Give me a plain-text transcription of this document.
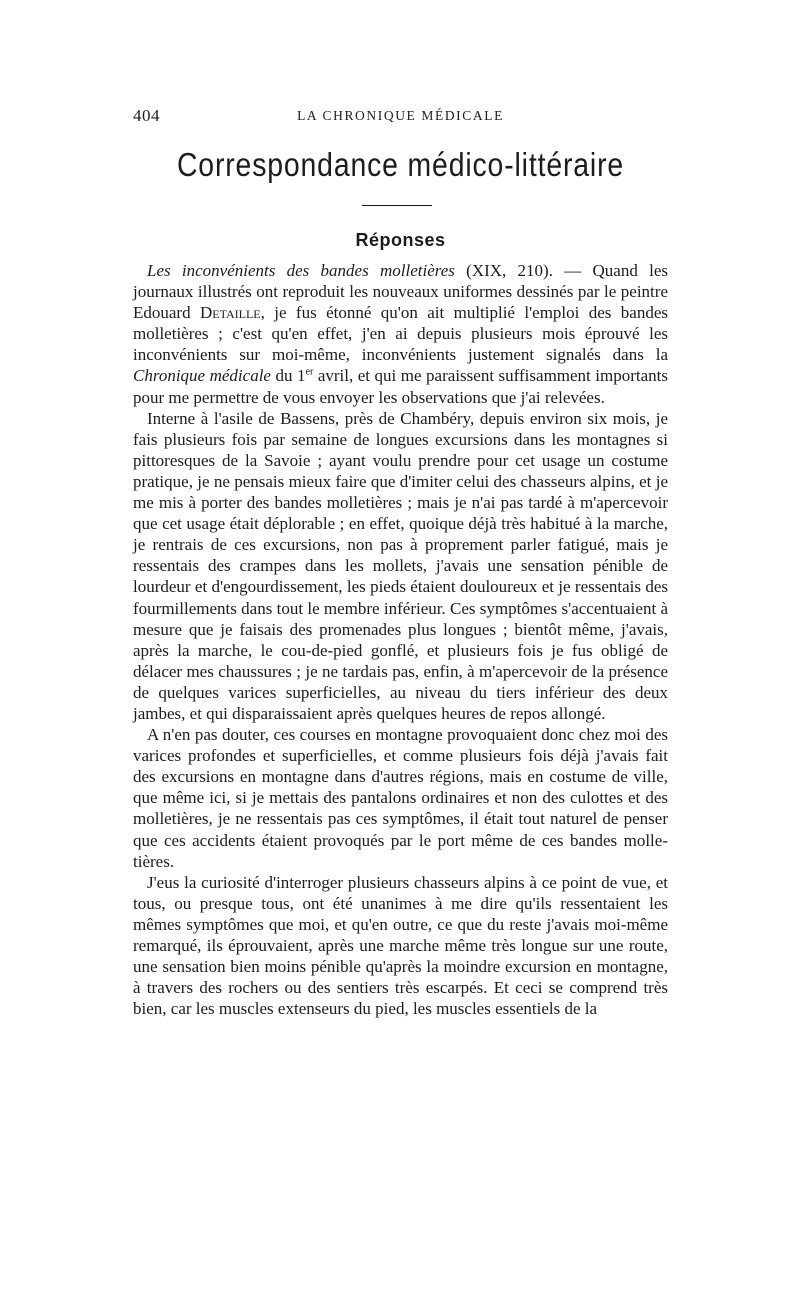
404	LA CHRONIQUE MÉDICALE
Correspondance médico-littéraire
Réponses

Les inconvénients des bandes molletières (XIX, 210). — Quand les journaux illustrés ont reproduit les nouveaux uniformes dessinés par le peintre Edouard Detaille, je fus étonné qu'on ait multiplié l'emploi des bandes molletières ; c'est qu'en effet, j'en ai depuis plusieurs mois éprouvé les inconvénients sur moi-même, inconvénients justement signalés dans la Chronique médicale du 1er avril, et qui me paraissent suffisamment importants pour me permettre de vous envoyer les observations que j'ai relevées.

Interne à l'asile de Bassens, près de Chambéry, depuis environ six mois, je fais plusieurs fois par semaine de longues excursions dans les montagnes si pittoresques de la Savoie ; ayant voulu prendre pour cet usage un costume pratique, je ne pensais mieux faire que d'imiter celui des chasseurs alpins, et je me mis à porter des bandes molletières ; mais je n'ai pas tardé à m'apercevoir que cet usage était déplorable ; en effet, quoique déjà très habitué à la marche, je rentrais de ces excursions, non pas à proprement parler fatigué, mais je ressentais des crampes dans les mollets, j'avais une sensation pénible de lourdeur et d'engourdissement, les pieds étaient douloureux et je ressentais des fourmillements dans tout le membre inférieur. Ces symptômes s'accentuaient à mesure que je faisais des promenades plus longues ; bientôt même, j'avais, après la marche, le cou-de-pied gonflé, et plusieurs fois je fus obligé de délacer mes chaussures ; je ne tardais pas, enfin, à m'apercevoir de la présence de quelques varices superficielles, au niveau du tiers inférieur des deux jambes, et qui disparaissaient après quelques heures de repos allongé.

A n'en pas douter, ces courses en montagne provoquaient donc chez moi des varices profondes et superficielles, et comme plusieurs fois déjà j'avais fait des excursions en montagne dans d'autres régions, mais en costume de ville, que même ici, si je mettais des pantalons ordinaires et non des culottes et des molletières, je ne ressentais pas ces symptômes, il était tout naturel de penser que ces accidents étaient provoqués par le port même de ces bandes molletières.

J'eus la curiosité d'interroger plusieurs chasseurs alpins à ce point de vue, et tous, ou presque tous, ont été unanimes à me dire qu'ils ressentaient les mêmes symptômes que moi, et qu'en outre, ce que du reste j'avais moi-même remarqué, ils éprouvaient, après une marche même très longue sur une route, une sensation bien moins pénible qu'après la moindre excursion en montagne, à travers des rochers ou des sentiers très escarpés. Et ceci se comprend très bien, car les muscles extenseurs du pied, les muscles essentiels de la
